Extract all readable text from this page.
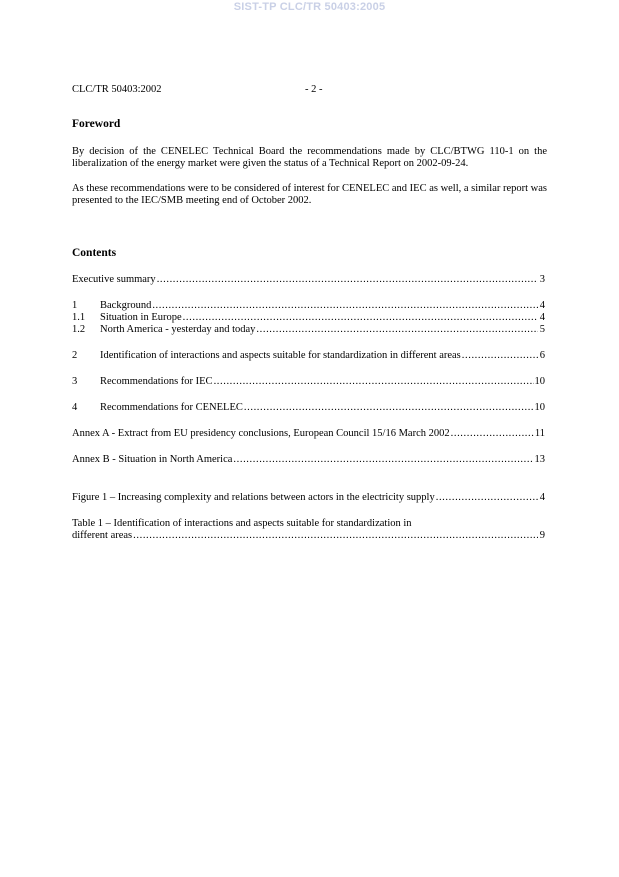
SIST-TP CLC/TR 50403:2005
CLC/TR 50403:2002	- 2 -
Foreword

By decision of the CENELEC Technical Board the recommendations made by CLC/BTWG 110-1 on the liberalization of the energy market were given the status of a Technical Report on 2002-09-24.

As these recommendations were to be considered of interest for CENELEC and IEC as well, a similar report was presented to the IEC/SMB meeting end of October 2002.

Contents
Executive summary .....	3
1	Background .....	4
1.1	Situation in Europe .....	4
1.2	North America - yesterday and today .....	5
2	Identification of interactions and aspects suitable for standardization in different areas .....	6
3	Recommendations for IEC .....	10
4	Recommendations for CENELEC .....	10
Annex A - Extract from EU presidency conclusions, European Council 15/16 March 2002 .....	11
Annex B - Situation in North America .....	13
Figure 1 – Increasing complexity and relations between actors in the electricity supply .....	4
Table 1 – Identification of interactions and aspects suitable for standardization in
different areas .....	9
